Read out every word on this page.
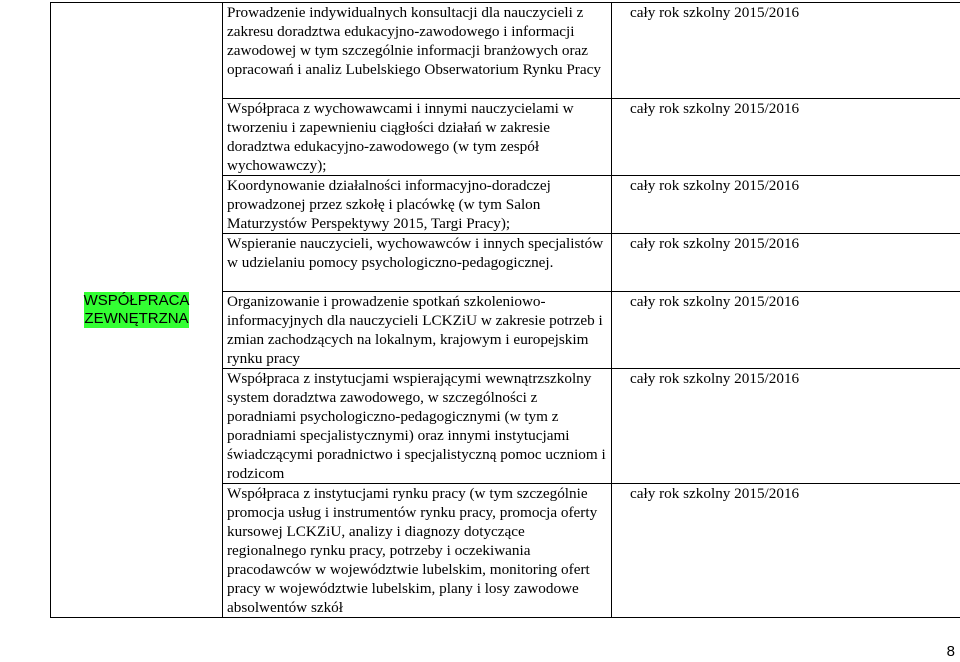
WSPÓŁPRACA
ZEWNĘTRZNA	Prowadzenie indywidualnych konsultacji dla nauczycieli z zakresu doradztwa edukacyjno-zawodowego i informacji zawodowej w tym szczególnie informacji branżowych oraz opracowań i analiz Lubelskiego Obserwatorium Rynku Pracy	cały rok szkolny 2015/2016
	Współpraca z wychowawcami i innymi nauczycielami w tworzeniu i zapewnieniu ciągłości działań w zakresie doradztwa edukacyjno-zawodowego (w tym zespół wychowawczy);	cały rok szkolny 2015/2016
	Koordynowanie działalności informacyjno-doradczej prowadzonej przez szkołę i placówkę (w tym Salon Maturzystów Perspektywy 2015, Targi Pracy);	cały rok szkolny 2015/2016
	Wspieranie nauczycieli, wychowawców i innych specjalistów w udzielaniu pomocy psychologiczno-pedagogicznej.	cały rok szkolny 2015/2016
	Organizowanie i prowadzenie spotkań szkoleniowo-informacyjnych dla nauczycieli LCKZiU w zakresie potrzeb i zmian zachodzących na lokalnym, krajowym i europejskim rynku pracy	cały rok szkolny 2015/2016
	Współpraca z instytucjami wspierającymi wewnątrzszkolny system doradztwa zawodowego, w szczególności z poradniami psychologiczno-pedagogicznymi (w tym z poradniami specjalistycznymi) oraz innymi instytucjami świadczącymi poradnictwo i specjalistyczną pomoc uczniom i rodzicom	cały rok szkolny 2015/2016
	Współpraca z instytucjami rynku pracy (w tym szczególnie promocja usług i instrumentów rynku pracy, promocja oferty kursowej LCKZiU, analizy i diagnozy dotyczące regionalnego rynku pracy, potrzeby i oczekiwania pracodawców w województwie lubelskim, monitoring ofert pracy w województwie lubelskim, plany i losy zawodowe absolwentów szkół	cały rok szkolny 2015/2016
8
